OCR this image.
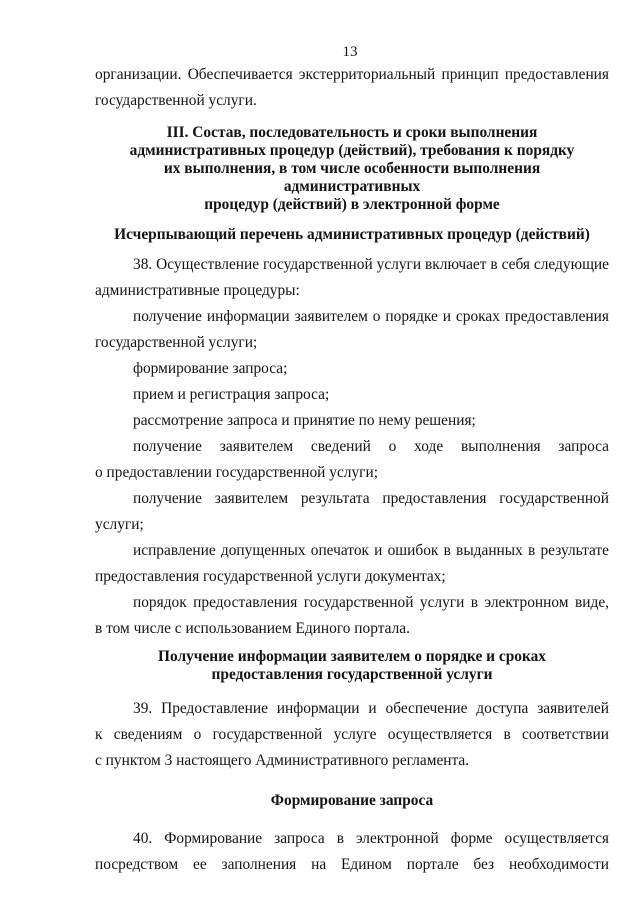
13

организации. Обеспечивается экстерриториальный принцип предоставления

государственной услуги.

III. Состав, последовательность и сроки выполнения
административных процедур (действий), требования к порядку
их выполнения, в том числе особенности выполнения административных
процедур (действий) в электронной форме
Исчерпывающий перечень административных процедур (действий)

38. Осуществление государственной услуги включает в себя следующие

административные процедуры:

получение информации заявителем о порядке и сроках предоставления

государственной услуги;

формирование запроса;

прием и регистрация запроса;

рассмотрение запроса и принятие по нему решения;

получение заявителем сведений о ходе выполнения запроса

о предоставлении государственной услуги;

получение заявителем результата предоставления государственной

услуги;

исправление допущенных опечаток и ошибок в выданных в результате

предоставления государственной услуги документах;

порядок предоставления государственной услуги в электронном виде,

в том числе с использованием Единого портала.

Получение информации заявителем о порядке и сроках
предоставления государственной услуги

39. Предоставление информации и обеспечение доступа заявителей

к сведениям о государственной услуге осуществляется в соответствии

с пунктом 3 настоящего Административного регламента.

Формирование запроса

40. Формирование запроса в электронной форме осуществляется

посредством ее заполнения на Едином портале без необходимости
